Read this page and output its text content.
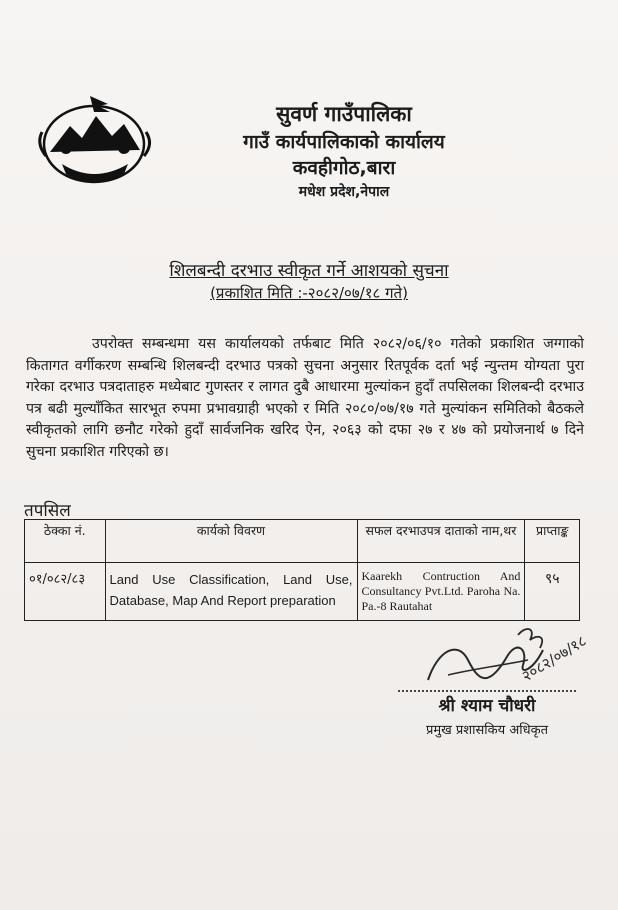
सुवर्ण गाउँपालिका
गाउँ कार्यपालिकाको कार्यालय
कवहीगोठ,बारा
मधेश प्रदेश,नेपाल
शिलबन्दी दरभाउ स्वीकृत गर्ने आशयको सुचना
(प्रकाशित मिति :-२०८२/०७/१८ गते)
उपरोक्त सम्बन्धमा यस कार्यालयको तर्फबाट मिति २०८२/०६/१० गतेको प्रकाशित जग्गाको कितागत वर्गीकरण सम्बन्धि शिलबन्दी दरभाउ पत्रको सुचना अनुसार रितपूर्वक दर्ता भई न्युन्तम योग्यता पुरा गरेका दरभाउ पत्रदाताहरु मध्येबाट गुणस्तर र लागत दुबै आधारमा मुल्यांकन हुदाँ तपसिलका शिलबन्दी दरभाउ पत्र बढी मुल्याँकित सारभूत रुपमा प्रभावग्राही भएको र मिति २०८०/०७/१७ गते मुल्यांकन समितिको बैठकले स्वीकृतको लागि छनौट गरेको हुदाँ सार्वजनिक खरिद ऐन, २०६३ को दफा २७ र ४७ को प्रयोजनार्थ ७ दिने सुचना प्रकाशित गरिएको छ।
तपसिल
ठेक्का नं.	कार्यको विवरण	सफल दरभाउपत्र दाताको नाम,थर	प्राप्ताङ्क
०१/०८२/८३	Land Use Classification, Land Use, Database, Map And Report preparation	Kaarekh Contruction And Consultancy Pvt.Ltd. Paroha Na. Pa.-8 Rautahat	९५
२०८२/०७/१८
श्री श्याम चौधरी
प्रमुख प्रशासकिय अधिकृत
